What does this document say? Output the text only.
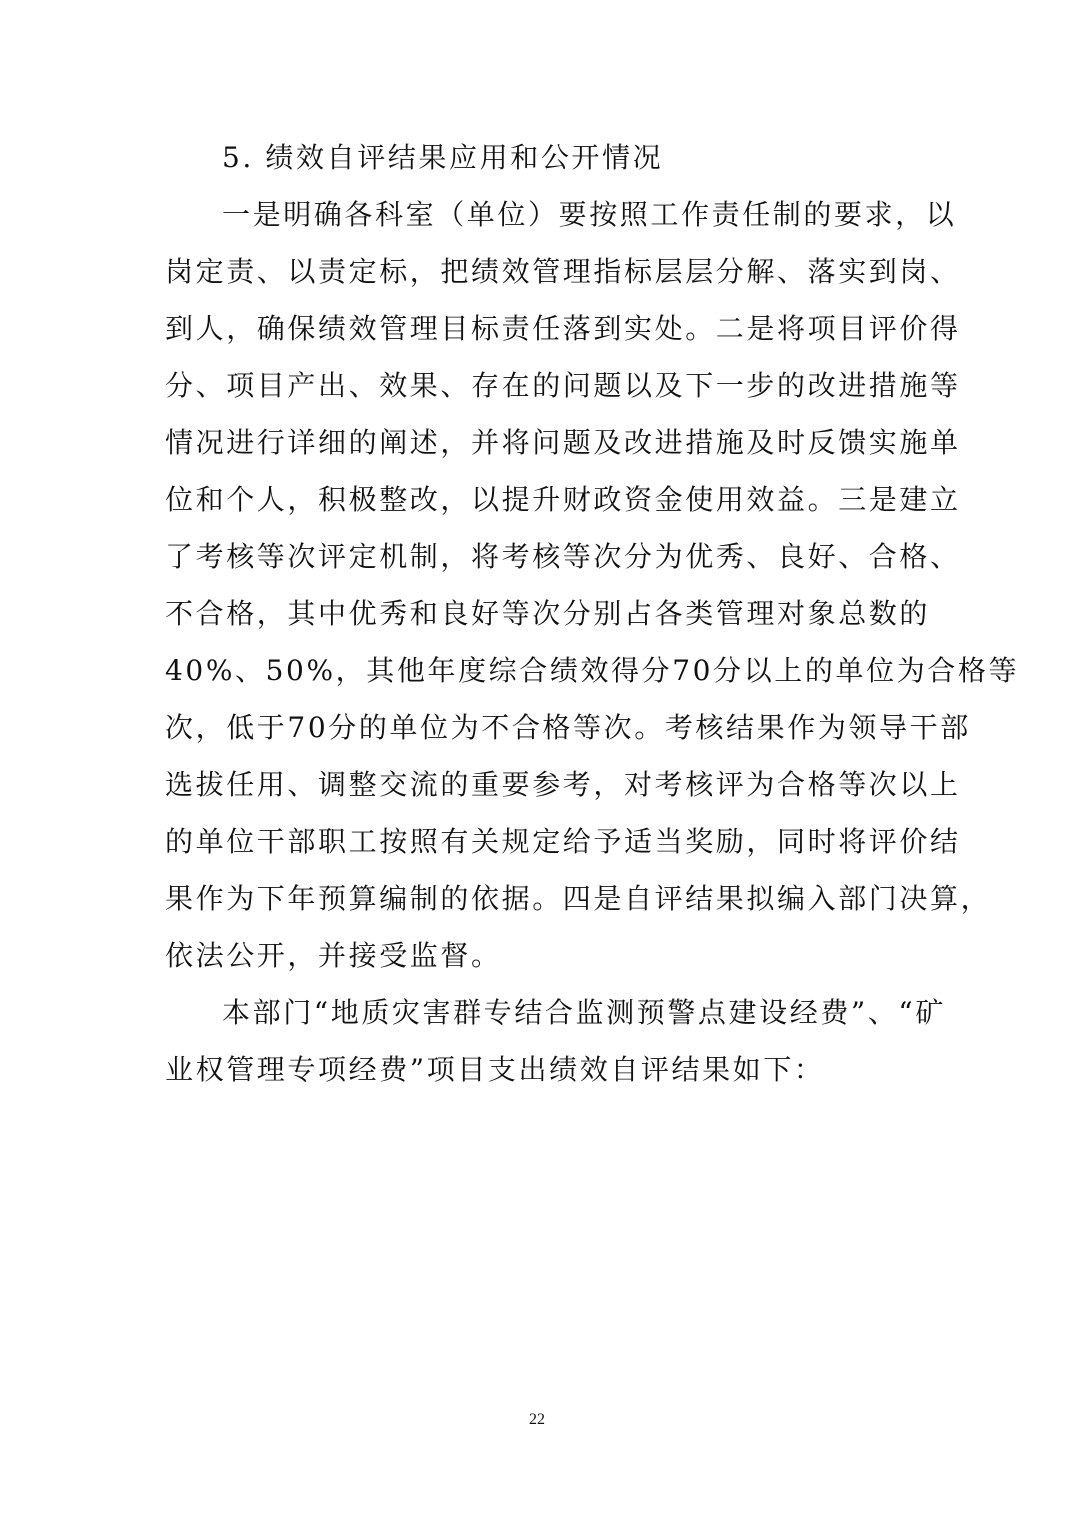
5. 绩效自评结果应用和公开情况
一是明确各科室（单位）要按照工作责任制的要求，以
岗定责、以责定标，把绩效管理指标层层分解、落实到岗、
到人，确保绩效管理目标责任落到实处。二是将项目评价得
分、项目产出、效果、存在的问题以及下一步的改进措施等
情况进行详细的阐述，并将问题及改进措施及时反馈实施单
位和个人，积极整改，以提升财政资金使用效益。三是建立
了考核等次评定机制，将考核等次分为优秀、良好、合格、
不合格，其中优秀和良好等次分别占各类管理对象总数的
40%、50%，其他年度综合绩效得分70分以上的单位为合格等
次，低于70分的单位为不合格等次。考核结果作为领导干部
选拔任用、调整交流的重要参考，对考核评为合格等次以上
的单位干部职工按照有关规定给予适当奖励，同时将评价结
果作为下年预算编制的依据。四是自评结果拟编入部门决算，
依法公开，并接受监督。
本部门“地质灾害群专结合监测预警点建设经费”、“矿
业权管理专项经费”项目支出绩效自评结果如下：
22
